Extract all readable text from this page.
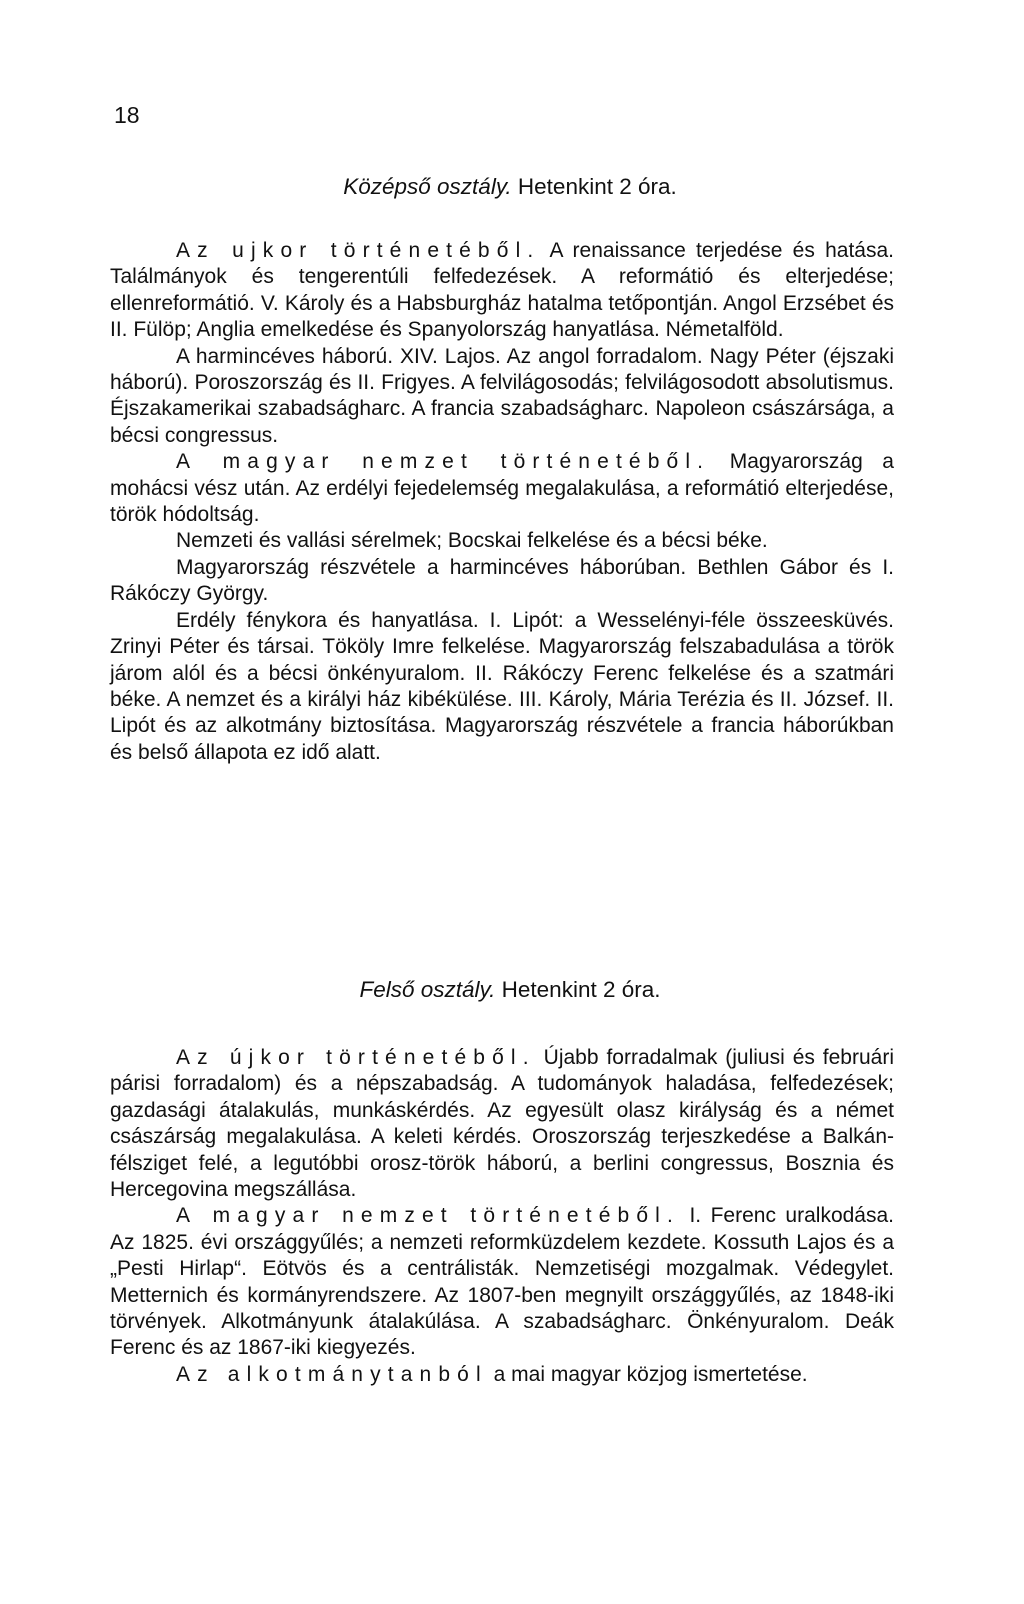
18
Középső osztály. Hetenkint 2 óra.

Az ujkor történetéből. A renaissance terjedése és hatása. Találmányok és tengerentúli felfedezések. A reformátió és elterjedése; ellenreformátió. V. Károly és a Habsburgház hatalma tetőpontján. Angol Erzsébet és II. Fülöp; Anglia emelkedése és Spanyolország hanyatlása. Németalföld.

A harmincéves háború. XIV. Lajos. Az angol forradalom. Nagy Péter (éjszaki háború). Poroszország és II. Frigyes. A felvilágosodás; felvilágosodott absolutismus. Éjszakamerikai szabadságharc. A francia szabadságharc. Napoleon császársága, a bécsi congressus.

A magyar nemzet történetéből. Magyarország a mohácsi vész után. Az erdélyi fejedelemség megalakulása, a reformátió elterjedése, török hódoltság.

Nemzeti és vallási sérelmek; Bocskai felkelése és a bécsi béke.

Magyarország részvétele a harmincéves háborúban. Bethlen Gábor és I. Rákóczy György.

Erdély fénykora és hanyatlása. I. Lipót: a Wesselényi-féle összeesküvés. Zrinyi Péter és társai. Tököly Imre felkelése. Magyarország felszabadulása a török járom alól és a bécsi önkényuralom. II. Rákóczy Ferenc felkelése és a szatmári béke. A nemzet és a királyi ház kibékülése. III. Károly, Mária Terézia és II. József. II. Lipót és az alkotmány biztosítása. Magyarország részvétele a francia háborúkban és belső állapota ez idő alatt.

Felső osztály. Hetenkint 2 óra.

Az újkor történetéből. Újabb forradalmak (juliusi és februári párisi forradalom) és a népszabadság. A tudományok haladása, felfedezések; gazdasági átalakulás, munkáskérdés. Az egyesült olasz királyság és a német császárság megalakulása. A keleti kérdés. Oroszország terjeszkedése a Balkán-félsziget felé, a legutóbbi orosz-török háború, a berlini congressus, Bosznia és Hercegovina megszállása.

A magyar nemzet történetéből. I. Ferenc uralkodása. Az 1825. évi országgyűlés; a nemzeti reformküzdelem kezdete. Kossuth Lajos és a „Pesti Hirlap“. Eötvös és a centrálisták. Nemzetiségi mozgalmak. Védegylet. Metternich és kormányrendszere. Az 1807-ben megnyilt országgyűlés, az 1848-iki törvények. Alkotmányunk átalakúlása. A szabadságharc. Önkényuralom. Deák Ferenc és az 1867-iki kiegyezés.

Az alkotmánytanból a mai magyar közjog ismertetése.
